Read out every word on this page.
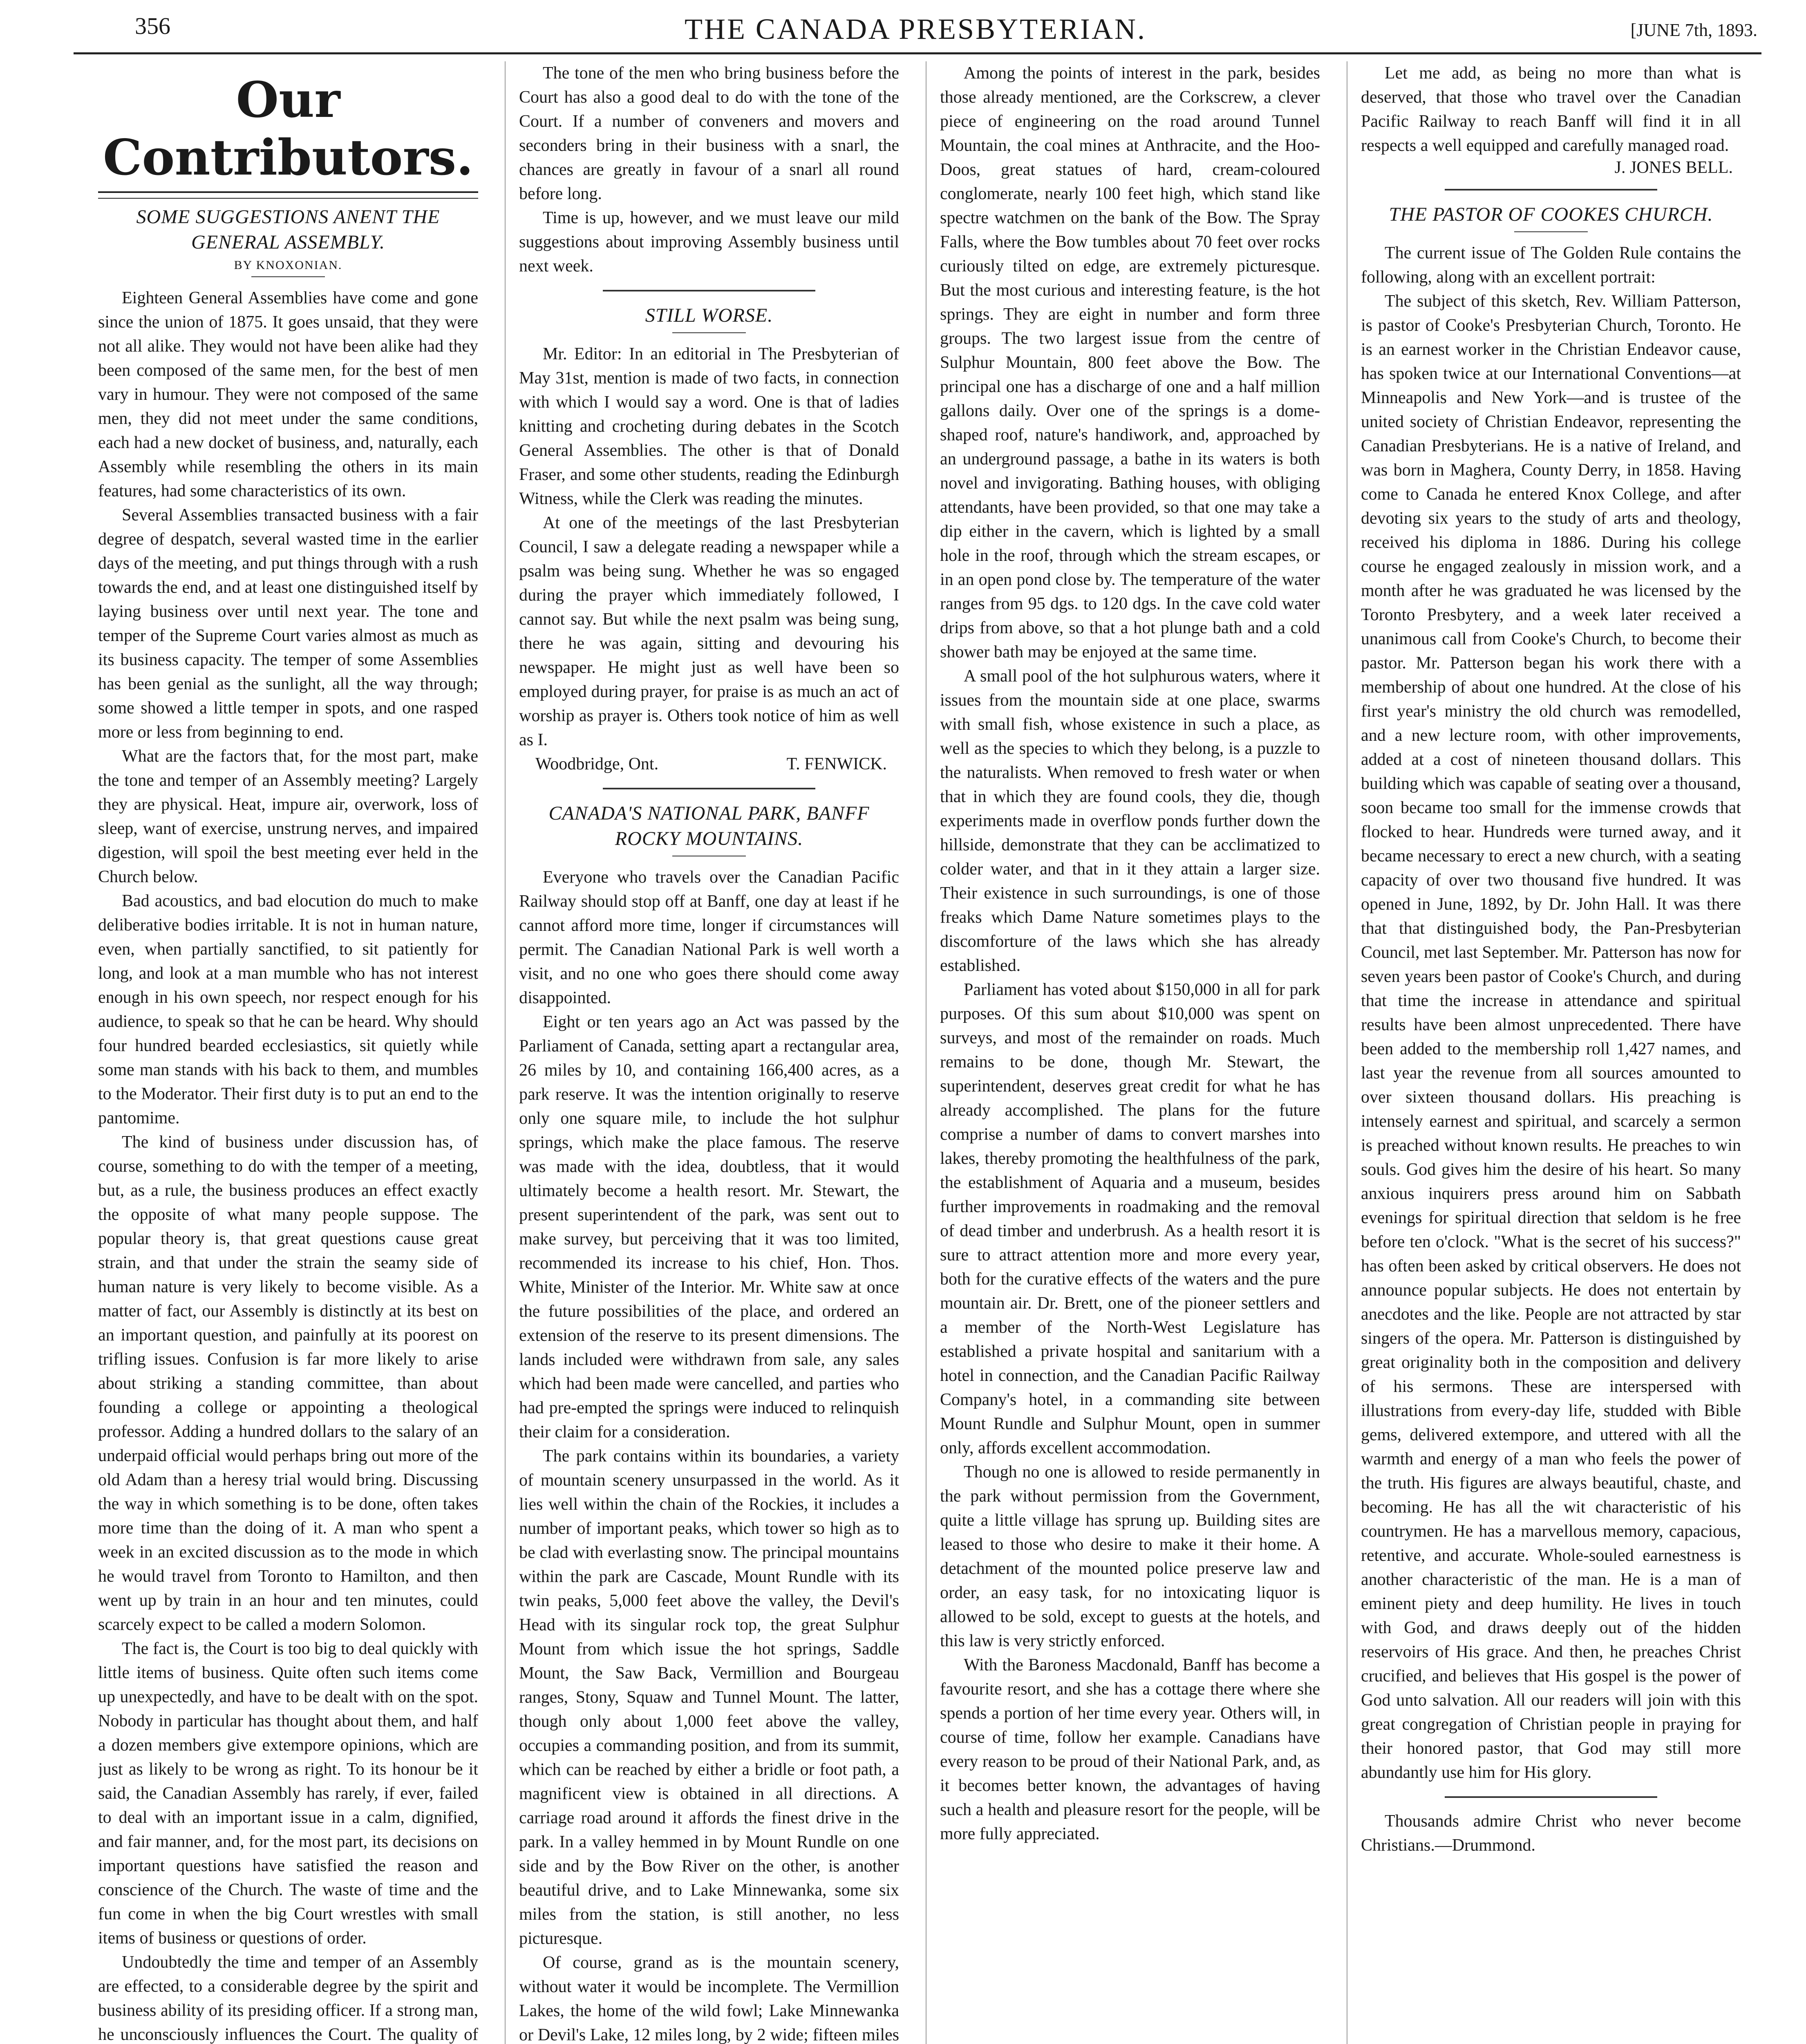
356	THE CANADA PRESBYTERIAN.	[JUNE 7th, 1893.
Our Contributors.
SOME SUGGESTIONS ANENT THE GENERAL ASSEMBLY.
BY KNOXONIAN.

Eighteen General Assemblies have come and gone since the union of 1875. It goes unsaid, that they were not all alike. They would not have been alike had they been composed of the same men, for the best of men vary in humour. They were not composed of the same men, they did not meet under the same conditions, each had a new docket of business, and, naturally, each Assembly while resembling the others in its main features, had some characteristics of its own.

Several Assemblies transacted business with a fair degree of despatch, several wasted time in the earlier days of the meeting, and put things through with a rush towards the end, and at least one distinguished itself by laying business over until next year. The tone and temper of the Supreme Court varies almost as much as its business capacity. The temper of some Assemblies has been genial as the sunlight, all the way through; some showed a little temper in spots, and one rasped more or less from beginning to end.

What are the factors that, for the most part, make the tone and temper of an Assembly meeting? Largely they are physical. Heat, impure air, overwork, loss of sleep, want of exercise, unstrung nerves, and impaired digestion, will spoil the best meeting ever held in the Church below.

Bad acoustics, and bad elocution do much to make deliberative bodies irritable. It is not in human nature, even, when partially sanctified, to sit patiently for long, and look at a man mumble who has not interest enough in his own speech, nor respect enough for his audience, to speak so that he can be heard. Why should four hundred bearded ecclesiastics, sit quietly while some man stands with his back to them, and mumbles to the Moderator. Their first duty is to put an end to the pantomime.

The kind of business under discussion has, of course, something to do with the temper of a meeting, but, as a rule, the business produces an effect exactly the opposite of what many people suppose. The popular theory is, that great questions cause great strain, and that under the strain the seamy side of human nature is very likely to become visible. As a matter of fact, our Assembly is distinctly at its best on an important question, and painfully at its poorest on trifling issues. Confusion is far more likely to arise about striking a standing committee, than about founding a college or appointing a theological professor. Adding a hundred dollars to the salary of an underpaid official would perhaps bring out more of the old Adam than a heresy trial would bring. Discussing the way in which something is to be done, often takes more time than the doing of it. A man who spent a week in an excited discussion as to the mode in which he would travel from Toronto to Hamilton, and then went up by train in an hour and ten minutes, could scarcely expect to be called a modern Solomon.

The fact is, the Court is too big to deal quickly with little items of business. Quite often such items come up unexpectedly, and have to be dealt with on the spot. Nobody in particular has thought about them, and half a dozen members give extempore opinions, which are just as likely to be wrong as right. To its honour be it said, the Canadian Assembly has rarely, if ever, failed to deal with an important issue in a calm, dignified, and fair manner, and, for the most part, its decisions on important questions have satisfied the reason and conscience of the Church. The waste of time and the fun come in when the big Court wrestles with small items of business or questions of order.

Undoubtedly the time and temper of an Assembly are effected, to a considerable degree by the spirit and business ability of its presiding officer. If a strong man, he unconsciously influences the Court. The quality of

The tone of the men who bring business before the Court has also a good deal to do with the tone of the Court. If a number of conveners and movers and seconders bring in their business with a snarl, the chances are greatly in favour of a snarl all round before long.

Time is up, however, and we must leave our mild suggestions about improving Assembly business until next week.

STILL WORSE.

Mr. Editor: In an editorial in The Presbyterian of May 31st, mention is made of two facts, in connection with which I would say a word. One is that of ladies knitting and crocheting during debates in the Scotch General Assemblies. The other is that of Donald Fraser, and some other students, reading the Edinburgh Witness, while the Clerk was reading the minutes.

At one of the meetings of the last Presbyterian Council, I saw a delegate reading a newspaper while a psalm was being sung. Whether he was so engaged during the prayer which immediately followed, I cannot say. But while the next psalm was being sung, there he was again, sitting and devouring his newspaper. He might just as well have been so employed during prayer, for praise is as much an act of worship as prayer is. Others took notice of him as well as I.

Woodbridge, Ont.	T. FENWICK.
CANADA'S NATIONAL PARK, BANFF ROCKY MOUNTAINS.

Everyone who travels over the Canadian Pacific Railway should stop off at Banff, one day at least if he cannot afford more time, longer if circumstances will permit. The Canadian National Park is well worth a visit, and no one who goes there should come away disappointed.

Eight or ten years ago an Act was passed by the Parliament of Canada, setting apart a rectangular area, 26 miles by 10, and containing 166,400 acres, as a park reserve. It was the intention originally to reserve only one square mile, to include the hot sulphur springs, which make the place famous. The reserve was made with the idea, doubtless, that it would ultimately become a health resort. Mr. Stewart, the present superintendent of the park, was sent out to make survey, but perceiving that it was too limited, recommended its increase to his chief, Hon. Thos. White, Minister of the Interior. Mr. White saw at once the future possibilities of the place, and ordered an extension of the reserve to its present dimensions. The lands included were withdrawn from sale, any sales which had been made were cancelled, and parties who had pre-empted the springs were induced to relinquish their claim for a consideration.

The park contains within its boundaries, a variety of mountain scenery unsurpassed in the world. As it lies well within the chain of the Rockies, it includes a number of important peaks, which tower so high as to be clad with everlasting snow. The principal mountains within the park are Cascade, Mount Rundle with its twin peaks, 5,000 feet above the valley, the Devil's Head with its singular rock top, the great Sulphur Mount from which issue the hot springs, Saddle Mount, the Saw Back, Vermillion and Bourgeau ranges, Stony, Squaw and Tunnel Mount. The latter, though only about 1,000 feet above the valley, occupies a commanding position, and from its summit, which can be reached by either a bridle or foot path, a magnificent view is obtained in all directions. A carriage road around it affords the finest drive in the park. In a valley hemmed in by Mount Rundle on one side and by the Bow River on the other, is another beautiful drive, and to Lake Minnewanka, some six miles from the station, is still another, no less picturesque.

Of course, grand as is the mountain scenery, without water it would be incomplete. The Vermillion Lakes, the home of the wild fowl; Lake Minnewanka or Devil's Lake, 12 miles long, by 2 wide; fifteen miles

Among the points of interest in the park, besides those already mentioned, are the Corkscrew, a clever piece of engineering on the road around Tunnel Mountain, the coal mines at Anthracite, and the Hoo-Doos, great statues of hard, cream-coloured conglomerate, nearly 100 feet high, which stand like spectre watchmen on the bank of the Bow. The Spray Falls, where the Bow tumbles about 70 feet over rocks curiously tilted on edge, are extremely picturesque. But the most curious and interesting feature, is the hot springs. They are eight in number and form three groups. The two largest issue from the centre of Sulphur Mountain, 800 feet above the Bow. The principal one has a discharge of one and a half million gallons daily. Over one of the springs is a dome-shaped roof, nature's handiwork, and, approached by an underground passage, a bathe in its waters is both novel and invigorating. Bathing houses, with obliging attendants, have been provided, so that one may take a dip either in the cavern, which is lighted by a small hole in the roof, through which the stream escapes, or in an open pond close by. The temperature of the water ranges from 95 dgs. to 120 dgs. In the cave cold water drips from above, so that a hot plunge bath and a cold shower bath may be enjoyed at the same time.

A small pool of the hot sulphurous waters, where it issues from the mountain side at one place, swarms with small fish, whose existence in such a place, as well as the species to which they belong, is a puzzle to the naturalists. When removed to fresh water or when that in which they are found cools, they die, though experiments made in overflow ponds further down the hillside, demonstrate that they can be acclimatized to colder water, and that in it they attain a larger size. Their existence in such surroundings, is one of those freaks which Dame Nature sometimes plays to the discomforture of the laws which she has already established.

Parliament has voted about $150,000 in all for park purposes. Of this sum about $10,000 was spent on surveys, and most of the remainder on roads. Much remains to be done, though Mr. Stewart, the superintendent, deserves great credit for what he has already accomplished. The plans for the future comprise a number of dams to convert marshes into lakes, thereby promoting the healthfulness of the park, the establishment of Aquaria and a museum, besides further improvements in roadmaking and the removal of dead timber and underbrush. As a health resort it is sure to attract attention more and more every year, both for the curative effects of the waters and the pure mountain air. Dr. Brett, one of the pioneer settlers and a member of the North-West Legislature has established a private hospital and sanitarium with a hotel in connection, and the Canadian Pacific Railway Company's hotel, in a commanding site between Mount Rundle and Sulphur Mount, open in summer only, affords excellent accommodation.

Though no one is allowed to reside permanently in the park without permission from the Government, quite a little village has sprung up. Building sites are leased to those who desire to make it their home. A detachment of the mounted police preserve law and order, an easy task, for no intoxicating liquor is allowed to be sold, except to guests at the hotels, and this law is very strictly enforced.

With the Baroness Macdonald, Banff has become a favourite resort, and she has a cottage there where she spends a portion of her time every year. Others will, in course of time, follow her example. Canadians have every reason to be proud of their National Park, and, as it becomes better known, the advantages of having such a health and pleasure resort for the people, will be more fully appreciated.

Let me add, as being no more than what is deserved, that those who travel over the Canadian Pacific Railway to reach Banff will find it in all respects a well equipped and carefully managed road.

J. JONES BELL.
THE PASTOR OF COOKES CHURCH.

The current issue of The Golden Rule contains the following, along with an excellent portrait:

The subject of this sketch, Rev. William Patterson, is pastor of Cooke's Presbyterian Church, Toronto. He is an earnest worker in the Christian Endeavor cause, has spoken twice at our International Conventions—at Minneapolis and New York—and is trustee of the united society of Christian Endeavor, representing the Canadian Presbyterians. He is a native of Ireland, and was born in Maghera, County Derry, in 1858. Having come to Canada he entered Knox College, and after devoting six years to the study of arts and theology, received his diploma in 1886. During his college course he engaged zealously in mission work, and a month after he was graduated he was licensed by the Toronto Presbytery, and a week later received a unanimous call from Cooke's Church, to become their pastor. Mr. Patterson began his work there with a membership of about one hundred. At the close of his first year's ministry the old church was remodelled, and a new lecture room, with other improvements, added at a cost of nineteen thousand dollars. This building which was capable of seating over a thousand, soon became too small for the immense crowds that flocked to hear. Hundreds were turned away, and it became necessary to erect a new church, with a seating capacity of over two thousand five hundred. It was opened in June, 1892, by Dr. John Hall. It was there that that distinguished body, the Pan-Presbyterian Council, met last September. Mr. Patterson has now for seven years been pastor of Cooke's Church, and during that time the increase in attendance and spiritual results have been almost unprecedented. There have been added to the membership roll 1,427 names, and last year the revenue from all sources amounted to over sixteen thousand dollars. His preaching is intensely earnest and spiritual, and scarcely a sermon is preached without known results. He preaches to win souls. God gives him the desire of his heart. So many anxious inquirers press around him on Sabbath evenings for spiritual direction that seldom is he free before ten o'clock. "What is the secret of his success?" has often been asked by critical observers. He does not announce popular subjects. He does not entertain by anecdotes and the like. People are not attracted by star singers of the opera. Mr. Patterson is distinguished by great originality both in the composition and delivery of his sermons. These are interspersed with illustrations from every-day life, studded with Bible gems, delivered extempore, and uttered with all the warmth and energy of a man who feels the power of the truth. His figures are always beautiful, chaste, and becoming. He has all the wit characteristic of his countrymen. He has a marvellous memory, capacious, retentive, and accurate. Whole-souled earnestness is another characteristic of the man. He is a man of eminent piety and deep humility. He lives in touch with God, and draws deeply out of the hidden reservoirs of His grace. And then, he preaches Christ crucified, and believes that His gospel is the power of God unto salvation. All our readers will join with this great congregation of Christian people in praying for their honored pastor, that God may still more abundantly use him for His glory.

Thousands admire Christ who never become Christians.—Drummond.
